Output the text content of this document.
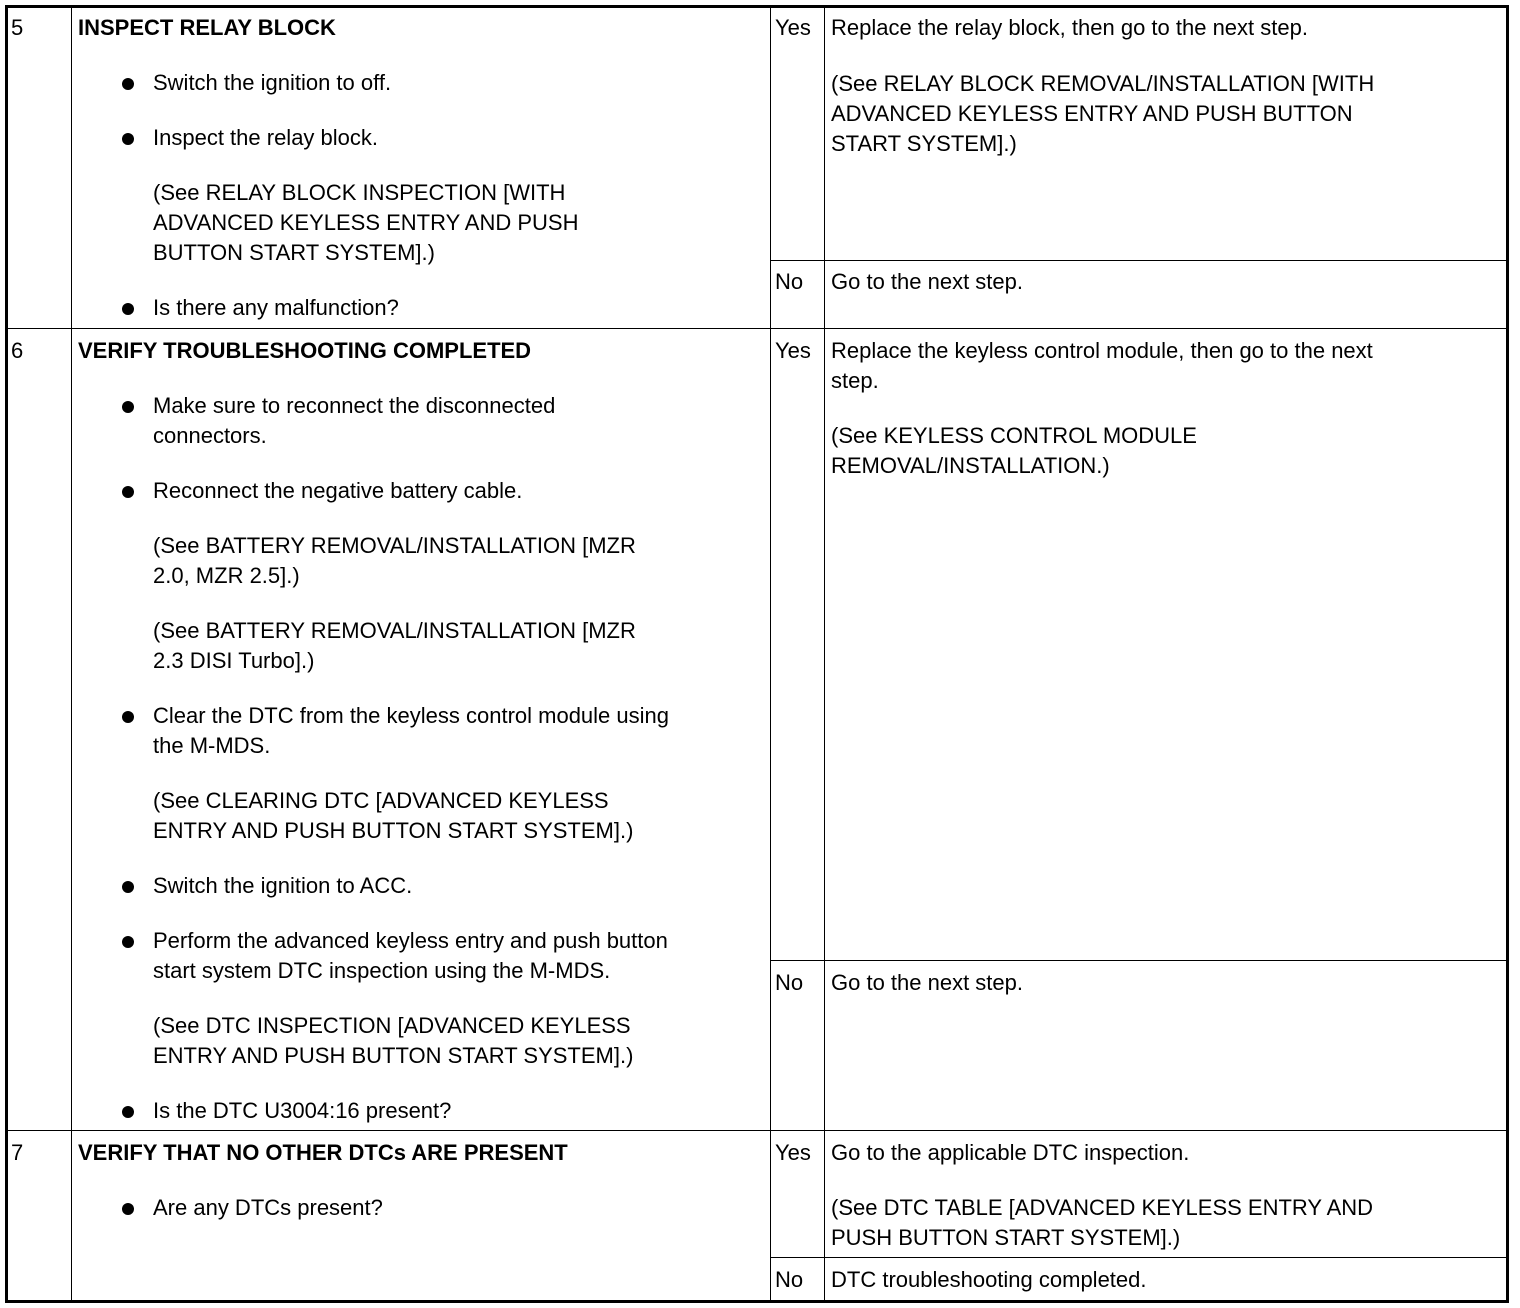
5 INSPECT RELAY BLOCK
Switch the ignition to off.
Inspect the relay block.
(See RELAY BLOCK INSPECTION [WITH
ADVANCED KEYLESS ENTRY AND PUSH
BUTTON START SYSTEM].)
Is there any malfunction?
Yes Replace the relay block, then go to the next step.
(See RELAY BLOCK REMOVAL/INSTALLATION [WITH
ADVANCED KEYLESS ENTRY AND PUSH BUTTON
START SYSTEM].)
No Go to the next step.
6 VERIFY TROUBLESHOOTING COMPLETED
Make sure to reconnect the disconnected
connectors.
Reconnect the negative battery cable.
(See BATTERY REMOVAL/INSTALLATION [MZR
2.0, MZR 2.5].)
(See BATTERY REMOVAL/INSTALLATION [MZR
2.3 DISI Turbo].)
Clear the DTC from the keyless control module using
the M-MDS.
(See CLEARING DTC [ADVANCED KEYLESS
ENTRY AND PUSH BUTTON START SYSTEM].)
Switch the ignition to ACC.
Perform the advanced keyless entry and push button
start system DTC inspection using the M-MDS.
(See DTC INSPECTION [ADVANCED KEYLESS
ENTRY AND PUSH BUTTON START SYSTEM].)
Is the DTC U3004:16 present?
Yes Replace the keyless control module, then go to the next
step.
(See KEYLESS CONTROL MODULE
REMOVAL/INSTALLATION.)
No Go to the next step.
7 VERIFY THAT NO OTHER DTCs ARE PRESENT
Are any DTCs present?
Yes Go to the applicable DTC inspection.
(See DTC TABLE [ADVANCED KEYLESS ENTRY AND
PUSH BUTTON START SYSTEM].)
No DTC troubleshooting completed.
